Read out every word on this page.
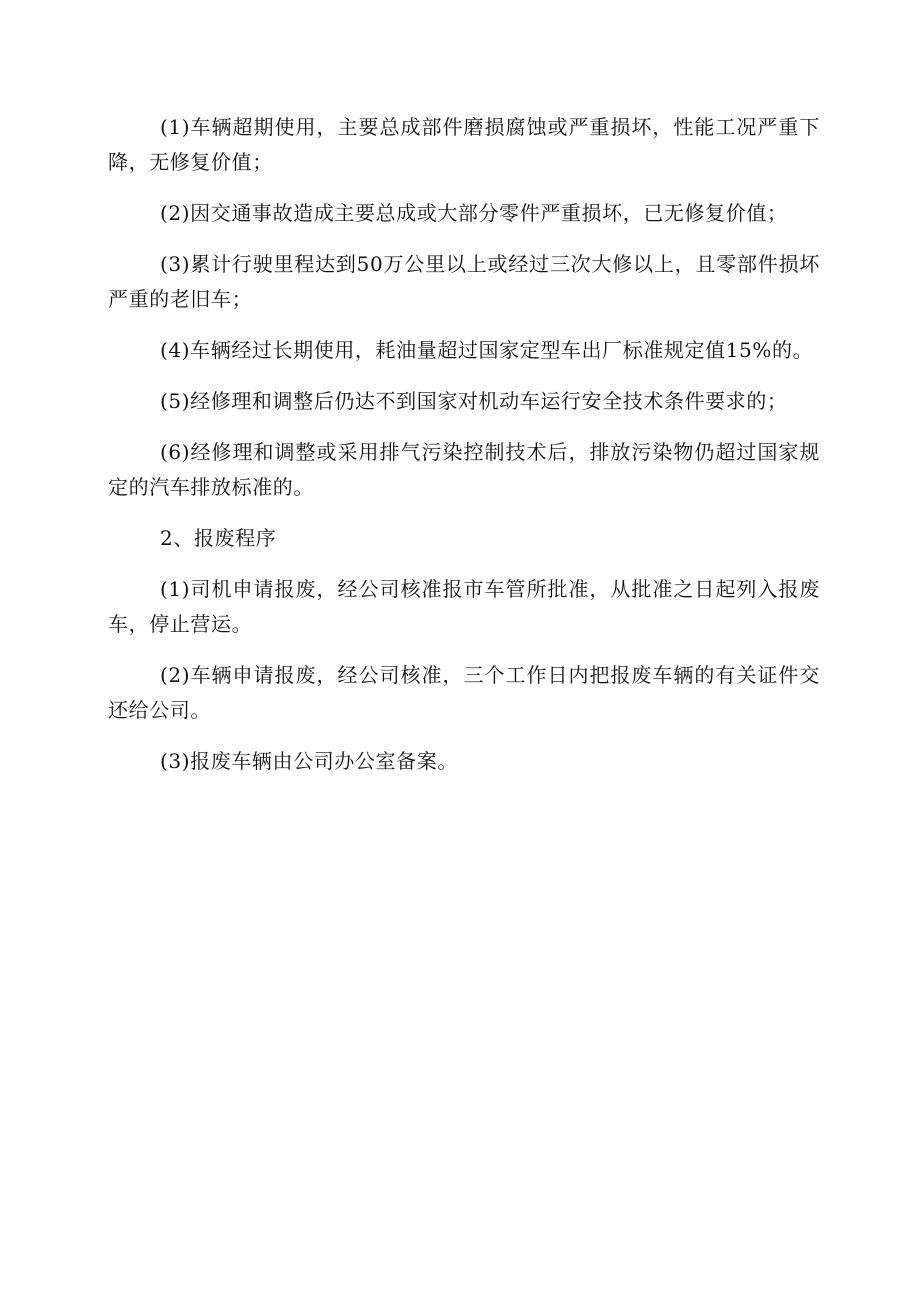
(1)车辆超期使用，主要总成部件磨损腐蚀或严重损坏，性能工况严重下降，无修复价值；

(2)因交通事故造成主要总成或大部分零件严重损坏，已无修复价值；

(3)累计行驶里程达到50万公里以上或经过三次大修以上，且零部件损坏严重的老旧车；

(4)车辆经过长期使用，耗油量超过国家定型车出厂标准规定值15%的。

(5)经修理和调整后仍达不到国家对机动车运行安全技术条件要求的；

(6)经修理和调整或采用排气污染控制技术后，排放污染物仍超过国家规定的汽车排放标准的。

2、报废程序

(1)司机申请报废，经公司核准报市车管所批准，从批准之日起列入报废车，停止营运。

(2)车辆申请报废，经公司核准，三个工作日内把报废车辆的有关证件交还给公司。

(3)报废车辆由公司办公室备案。
